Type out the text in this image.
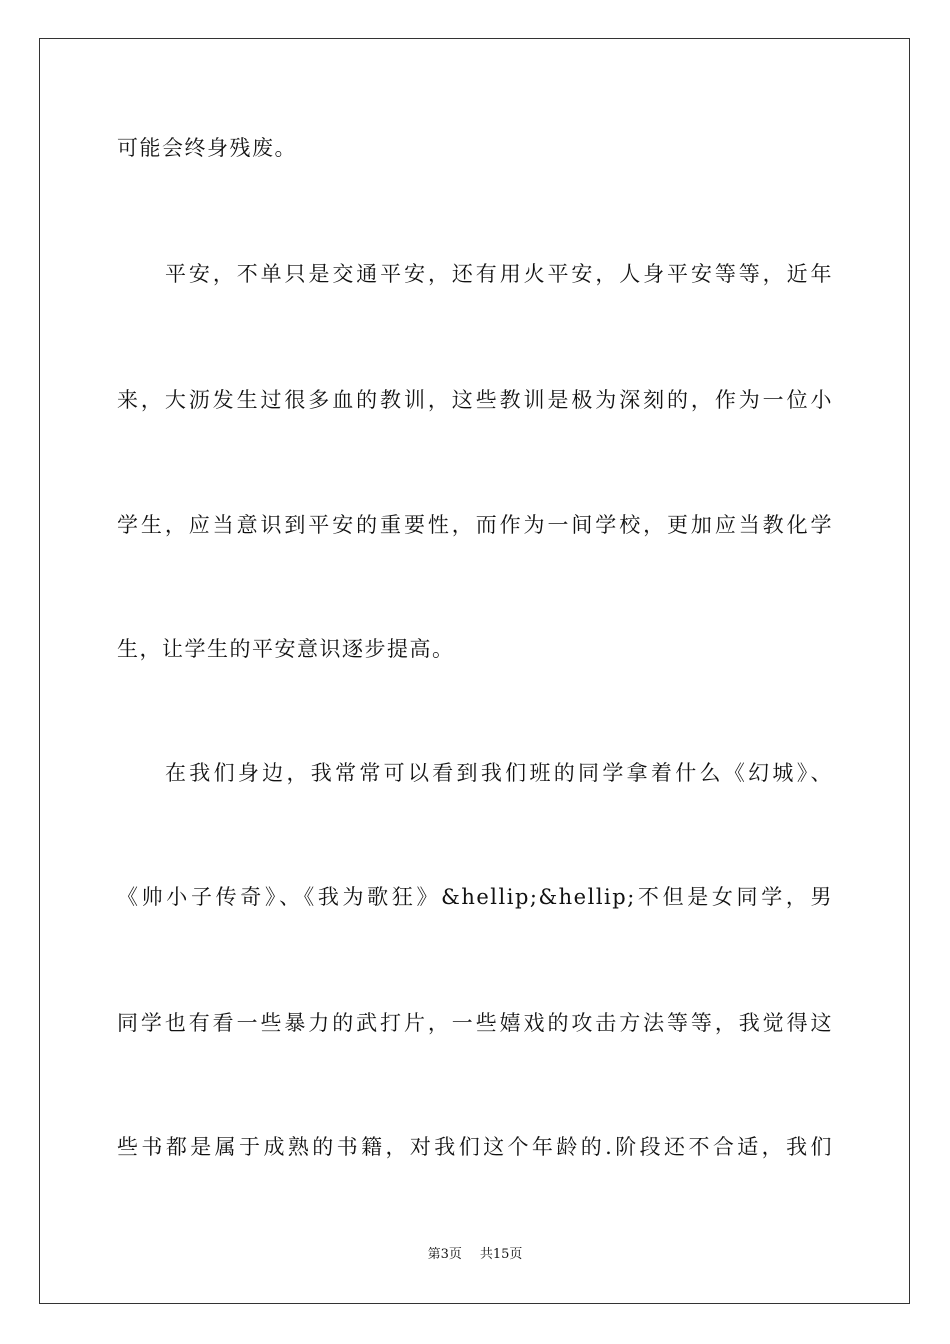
可能会终身残废。
平安，不单只是交通平安，还有用火平安，人身平安等等，近年
来，大沥发生过很多血的教训，这些教训是极为深刻的，作为一位小
学生，应当意识到平安的重要性，而作为一间学校，更加应当教化学
生，让学生的平安意识逐步提高。
在我们身边，我常常可以看到我们班的同学拿着什么《幻城》、
《帅小子传奇》、《我为歌狂》&hellip;&hellip;不但是女同学，男
同学也有看一些暴力的武打片，一些嬉戏的攻击方法等等，我觉得这
些书都是属于成熟的书籍，对我们这个年龄的.阶段还不合适，我们
第3页 共15页
